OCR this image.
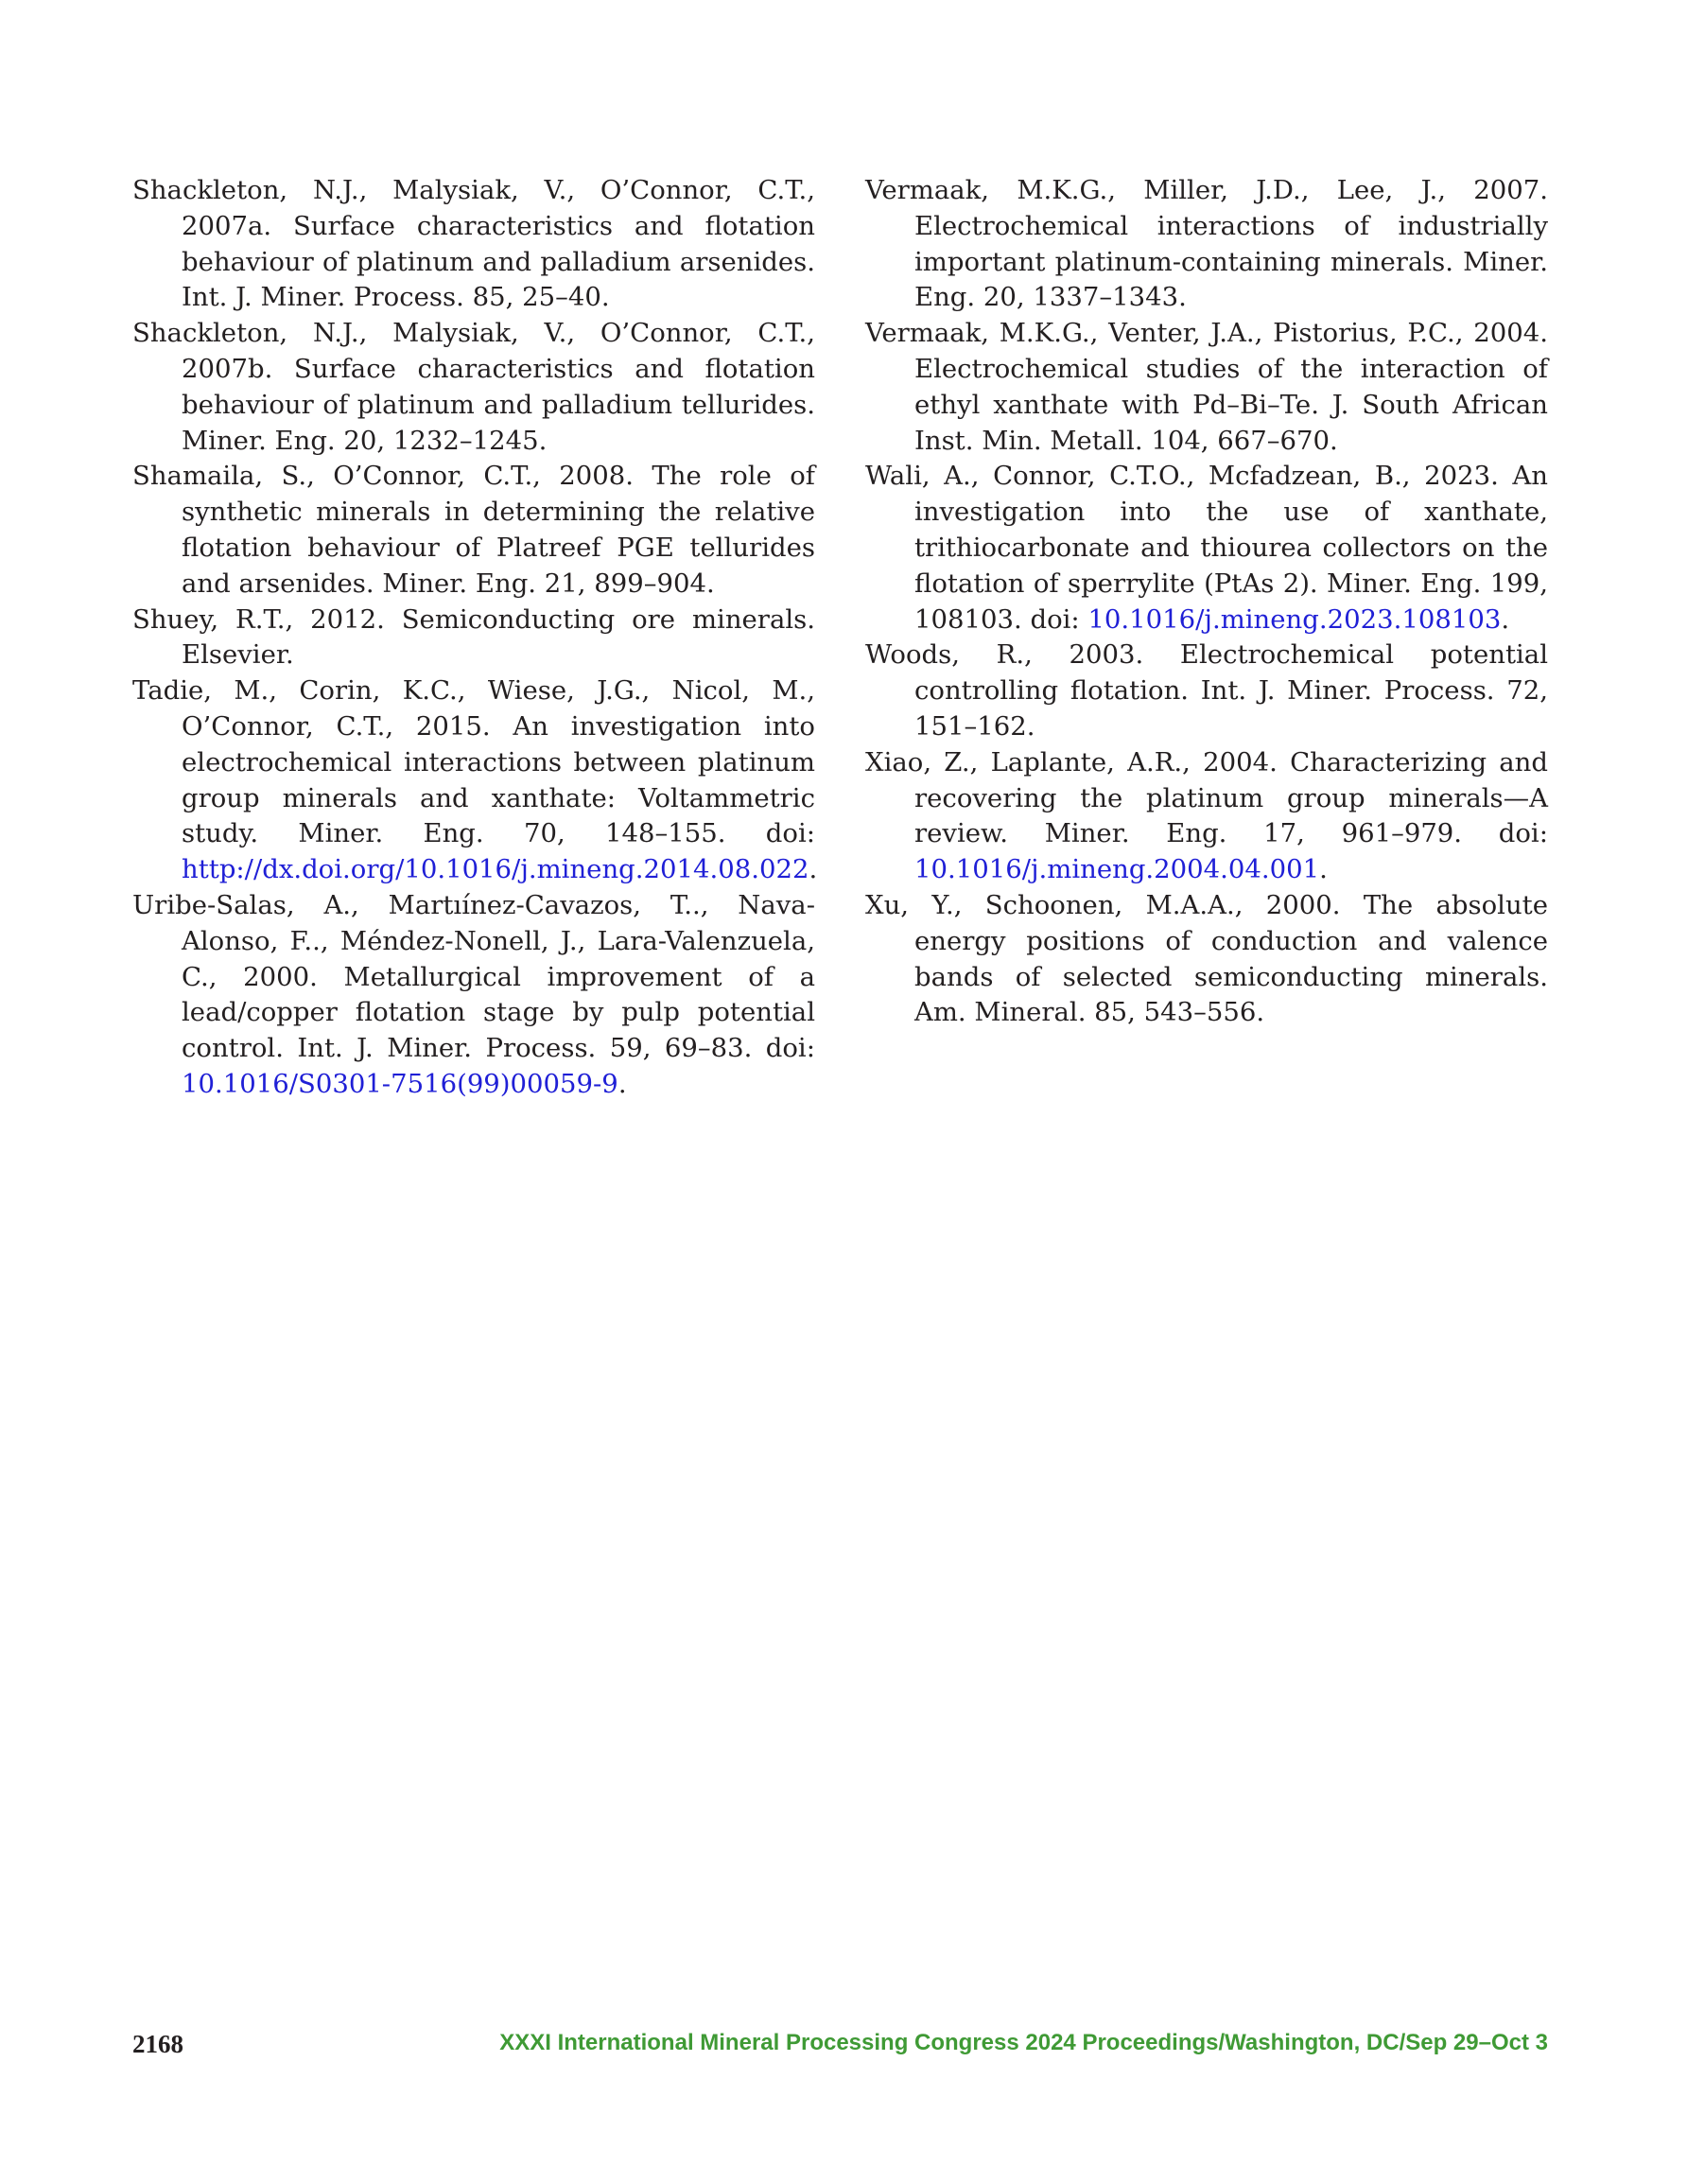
Shackleton, N.J., Malysiak, V., O’Connor, C.T., 2007a. Surface characteristics and flotation behaviour of platinum and palladium arsenides. Int. J. Miner. Process. 85, 25–40.

Shackleton, N.J., Malysiak, V., O’Connor, C.T., 2007b. Surface characteristics and flotation behaviour of platinum and palladium tellurides. Miner. Eng. 20, 1232–1245.

Shamaila, S., O’Connor, C.T., 2008. The role of synthetic minerals in determining the relative flotation behaviour of Platreef PGE tellurides and arsenides. Miner. Eng. 21, 899–904.

Shuey, R.T., 2012. Semiconducting ore minerals. Elsevier.

Tadie, M., Corin, K.C., Wiese, J.G., Nicol, M., O’Connor, C.T., 2015. An investigation into electrochemical interactions between platinum group minerals and xanthate: Voltammetric study. Miner. Eng. 70, 148–155. doi: http://dx.doi.org/10.1016/j.mineng.2014.08.022.

Uribe-Salas, A., Martıínez-Cavazos, T.., Nava-Alonso, F.., Méndez-Nonell, J., Lara-Valenzuela, C., 2000. Metallurgical improvement of a lead/copper flotation stage by pulp potential control. Int. J. Miner. Process. 59, 69–83. doi: 10.1016/S0301-7516(99)00059-9.

Vermaak, M.K.G., Miller, J.D., Lee, J., 2007. Electrochemical interactions of industrially important platinum-containing minerals. Miner. Eng. 20, 1337–1343.

Vermaak, M.K.G., Venter, J.A., Pistorius, P.C., 2004. Electrochemical studies of the interaction of ethyl xanthate with Pd–Bi–Te. J. South African Inst. Min. Metall. 104, 667–670.

Wali, A., Connor, C.T.O., Mcfadzean, B., 2023. An investigation into the use of xanthate, trithiocarbonate and thiourea collectors on the flotation of sperrylite (PtAs 2). Miner. Eng. 199, 108103. doi: 10.1016/j.mineng.2023.108103.

Woods, R., 2003. Electrochemical potential controlling flotation. Int. J. Miner. Process. 72, 151–162.

Xiao, Z., Laplante, A.R., 2004. Characterizing and recovering the platinum group minerals—A review. Miner. Eng. 17, 961–979. doi: 10.1016/j.mineng.2004.04.001.

Xu, Y., Schoonen, M.A.A., 2000. The absolute energy positions of conduction and valence bands of selected semiconducting minerals. Am. Mineral. 85, 543–556.

2168	XXXI International Mineral Processing Congress 2024 Proceedings/Washington, DC/Sep 29–Oct 3
